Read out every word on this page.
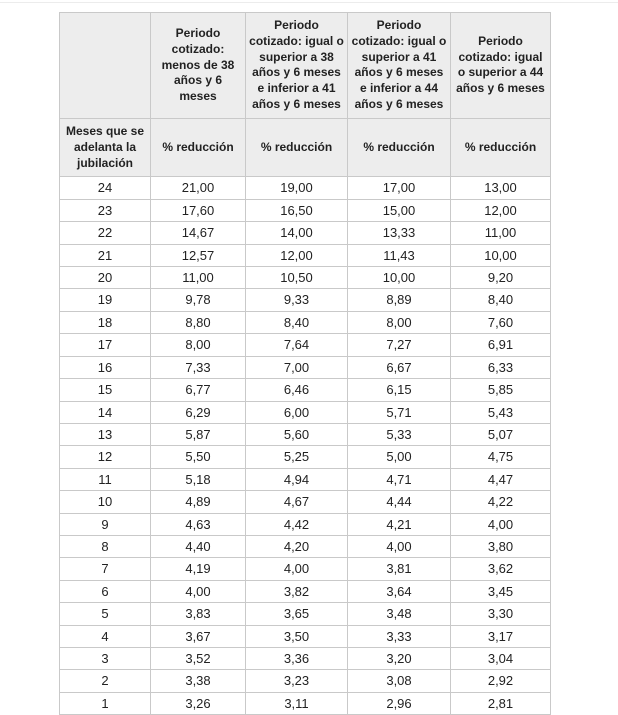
	Periodo cotizado: menos de 38 años y 6 meses	Periodo cotizado: igual o superior a 38 años y 6 meses e inferior a 41 años y 6 meses	Periodo cotizado: igual o superior a 41 años y 6 meses e inferior a 44 años y 6 meses	Periodo cotizado: igual o superior a 44 años y 6 meses
Meses que se adelanta la jubilación	% reducción	% reducción	% reducción	% reducción
24	21,00	19,00	17,00	13,00
23	17,60	16,50	15,00	12,00
22	14,67	14,00	13,33	11,00
21	12,57	12,00	11,43	10,00
20	11,00	10,50	10,00	9,20
19	9,78	9,33	8,89	8,40
18	8,80	8,40	8,00	7,60
17	8,00	7,64	7,27	6,91
16	7,33	7,00	6,67	6,33
15	6,77	6,46	6,15	5,85
14	6,29	6,00	5,71	5,43
13	5,87	5,60	5,33	5,07
12	5,50	5,25	5,00	4,75
11	5,18	4,94	4,71	4,47
10	4,89	4,67	4,44	4,22
9	4,63	4,42	4,21	4,00
8	4,40	4,20	4,00	3,80
7	4,19	4,00	3,81	3,62
6	4,00	3,82	3,64	3,45
5	3,83	3,65	3,48	3,30
4	3,67	3,50	3,33	3,17
3	3,52	3,36	3,20	3,04
2	3,38	3,23	3,08	2,92
1	3,26	3,11	2,96	2,81
